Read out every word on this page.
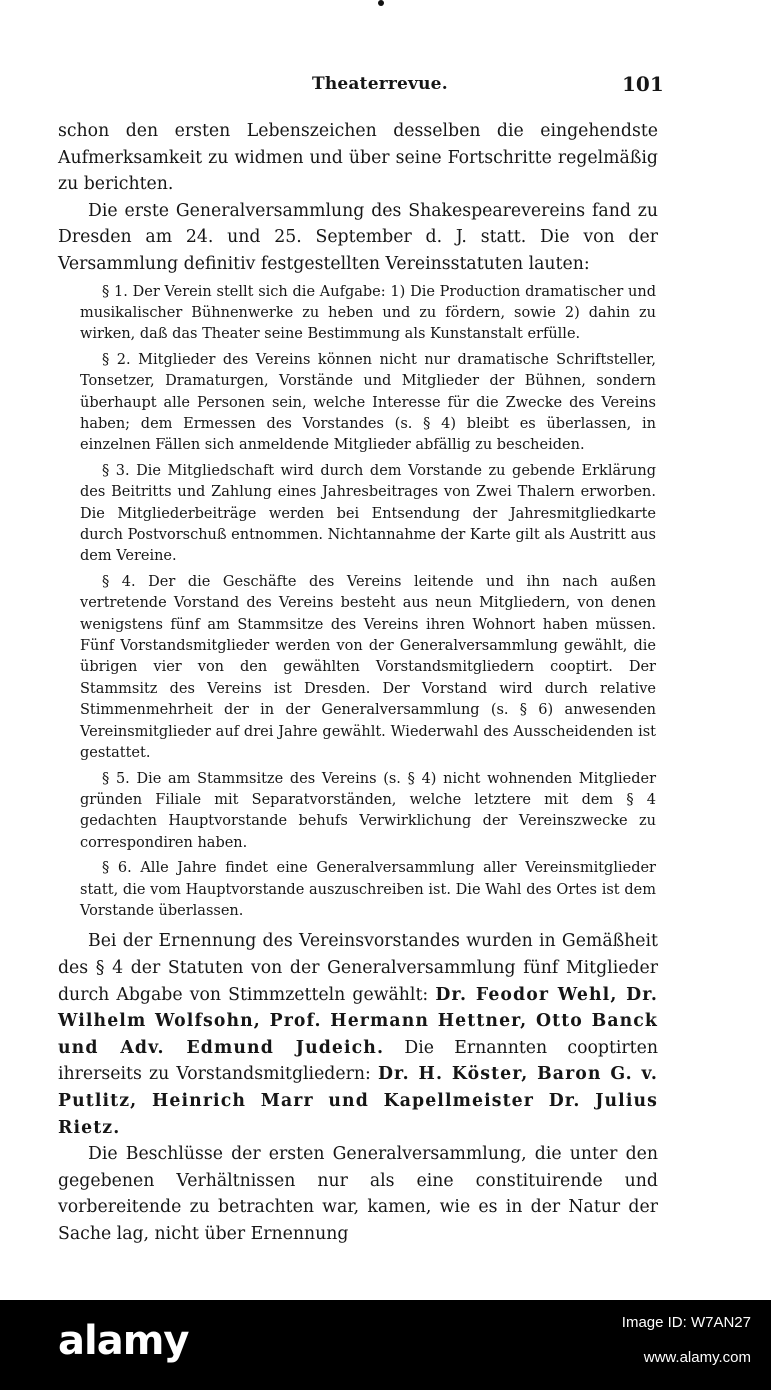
Theaterrevue.	101

schon den ersten Lebenszeichen desselben die eingehendste Aufmerksamkeit zu widmen und über seine Fortschritte regelmäßig zu berichten.

Die erste Generalversammlung des Shakespearevereins fand zu Dresden am 24. und 25. September d. J. statt. Die von der Versammlung definitiv festgestellten Vereinsstatuten lauten:

§ 1. Der Verein stellt sich die Aufgabe: 1) Die Production dramatischer und musikalischer Bühnenwerke zu heben und zu fördern, sowie 2) dahin zu wirken, daß das Theater seine Bestimmung als Kunstanstalt erfülle.

§ 2. Mitglieder des Vereins können nicht nur dramatische Schriftsteller, Tonsetzer, Dramaturgen, Vorstände und Mitglieder der Bühnen, sondern überhaupt alle Personen sein, welche Interesse für die Zwecke des Vereins haben; dem Ermessen des Vorstandes (s. § 4) bleibt es überlassen, in einzelnen Fällen sich anmeldende Mitglieder abfällig zu bescheiden.

§ 3. Die Mitgliedschaft wird durch dem Vorstande zu gebende Erklärung des Beitritts und Zahlung eines Jahresbeitrages von Zwei Thalern erworben. Die Mitgliederbeiträge werden bei Entsendung der Jahresmitgliedkarte durch Postvorschuß entnommen. Nichtannahme der Karte gilt als Austritt aus dem Vereine.

§ 4. Der die Geschäfte des Vereins leitende und ihn nach außen vertretende Vorstand des Vereins besteht aus neun Mitgliedern, von denen wenigstens fünf am Stammsitze des Vereins ihren Wohnort haben müssen. Fünf Vorstandsmitglieder werden von der Generalversammlung gewählt, die übrigen vier von den gewählten Vorstandsmitgliedern cooptirt. Der Stammsitz des Vereins ist Dresden. Der Vorstand wird durch relative Stimmenmehrheit der in der Generalversammlung (s. § 6) anwesenden Vereinsmitglieder auf drei Jahre gewählt. Wiederwahl des Ausscheidenden ist gestattet.

§ 5. Die am Stammsitze des Vereins (s. § 4) nicht wohnenden Mitglieder gründen Filiale mit Separatvorständen, welche letztere mit dem § 4 gedachten Hauptvorstande behufs Verwirklichung der Vereinszwecke zu correspondiren haben.

§ 6. Alle Jahre findet eine Generalversammlung aller Vereinsmitglieder statt, die vom Hauptvorstande auszuschreiben ist. Die Wahl des Ortes ist dem Vorstande überlassen.

Bei der Ernennung des Vereinsvorstandes wurden in Gemäßheit des § 4 der Statuten von der Generalversammlung fünf Mitglieder durch Abgabe von Stimmzetteln gewählt: Dr. Feodor Wehl, Dr. Wilhelm Wolfsohn, Prof. Hermann Hettner, Otto Banck und Adv. Edmund Judeich. Die Ernannten cooptirten ihrerseits zu Vorstandsmitgliedern: Dr. H. Köster, Baron G. v. Putlitz, Heinrich Marr und Kapellmeister Dr. Julius Rietz.

Die Beschlüsse der ersten Generalversammlung, die unter den gegebenen Verhältnissen nur als eine constituirende und vorbereitende zu betrachten war, kamen, wie es in der Natur der Sache lag, nicht über Ernennung

alamy	Image ID: W7AN27
www.alamy.com
